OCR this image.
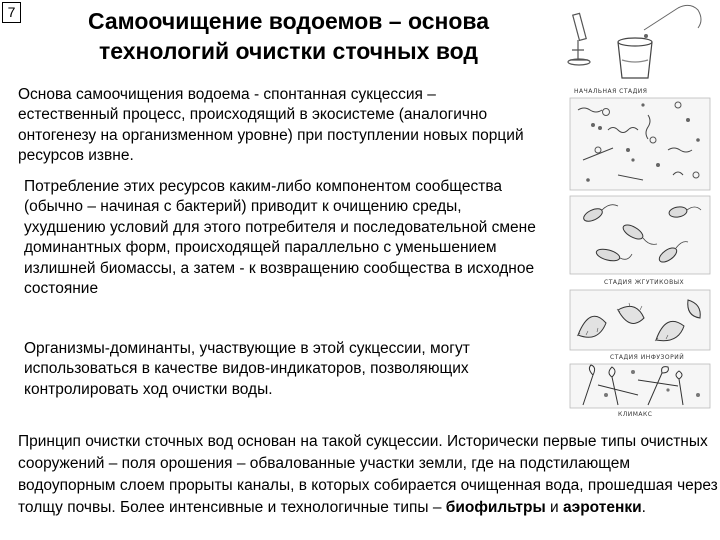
7	Самоочищение водоемов – основа
технологий очистки сточных вод

Основа самоочищения водоема - спонтанная сукцессия – естественный процесс, происходящий в экосистеме (аналогично онтогенезу на организменном уровне) при поступлении новых порций ресурсов извне.

Потребление этих ресурсов каким-либо компонентом сообщества (обычно – начиная с бактерий) приводит к очищению среды, ухудшению условий для этого потребителя и последовательной смене доминантных форм, происходящей параллельно с уменьшением излишней биомассы, а затем - к возвращению сообщества в исходное состояние

Организмы-доминанты, участвующие в этой сукцессии, могут использоваться в качестве видов-индикаторов, позволяющих контролировать ход очистки воды.

Принцип очистки сточных вод основан на такой сукцессии. Исторически первые типы очистных сооружений – поля орошения – обвалованные участки земли, где на подстилающем водоупорным слоем прорыты каналы, в которых собирается очищенная вода, прошедшая через толщу почвы. Более интенсивные и технологичные типы – биофильтры и аэротенки.

НАЧАЛЬНАЯ СТАДИЯ
СТАДИЯ ЖГУТИКОВЫХ
СТАДИЯ ИНФУЗОРИЙ
КЛИМАКС
